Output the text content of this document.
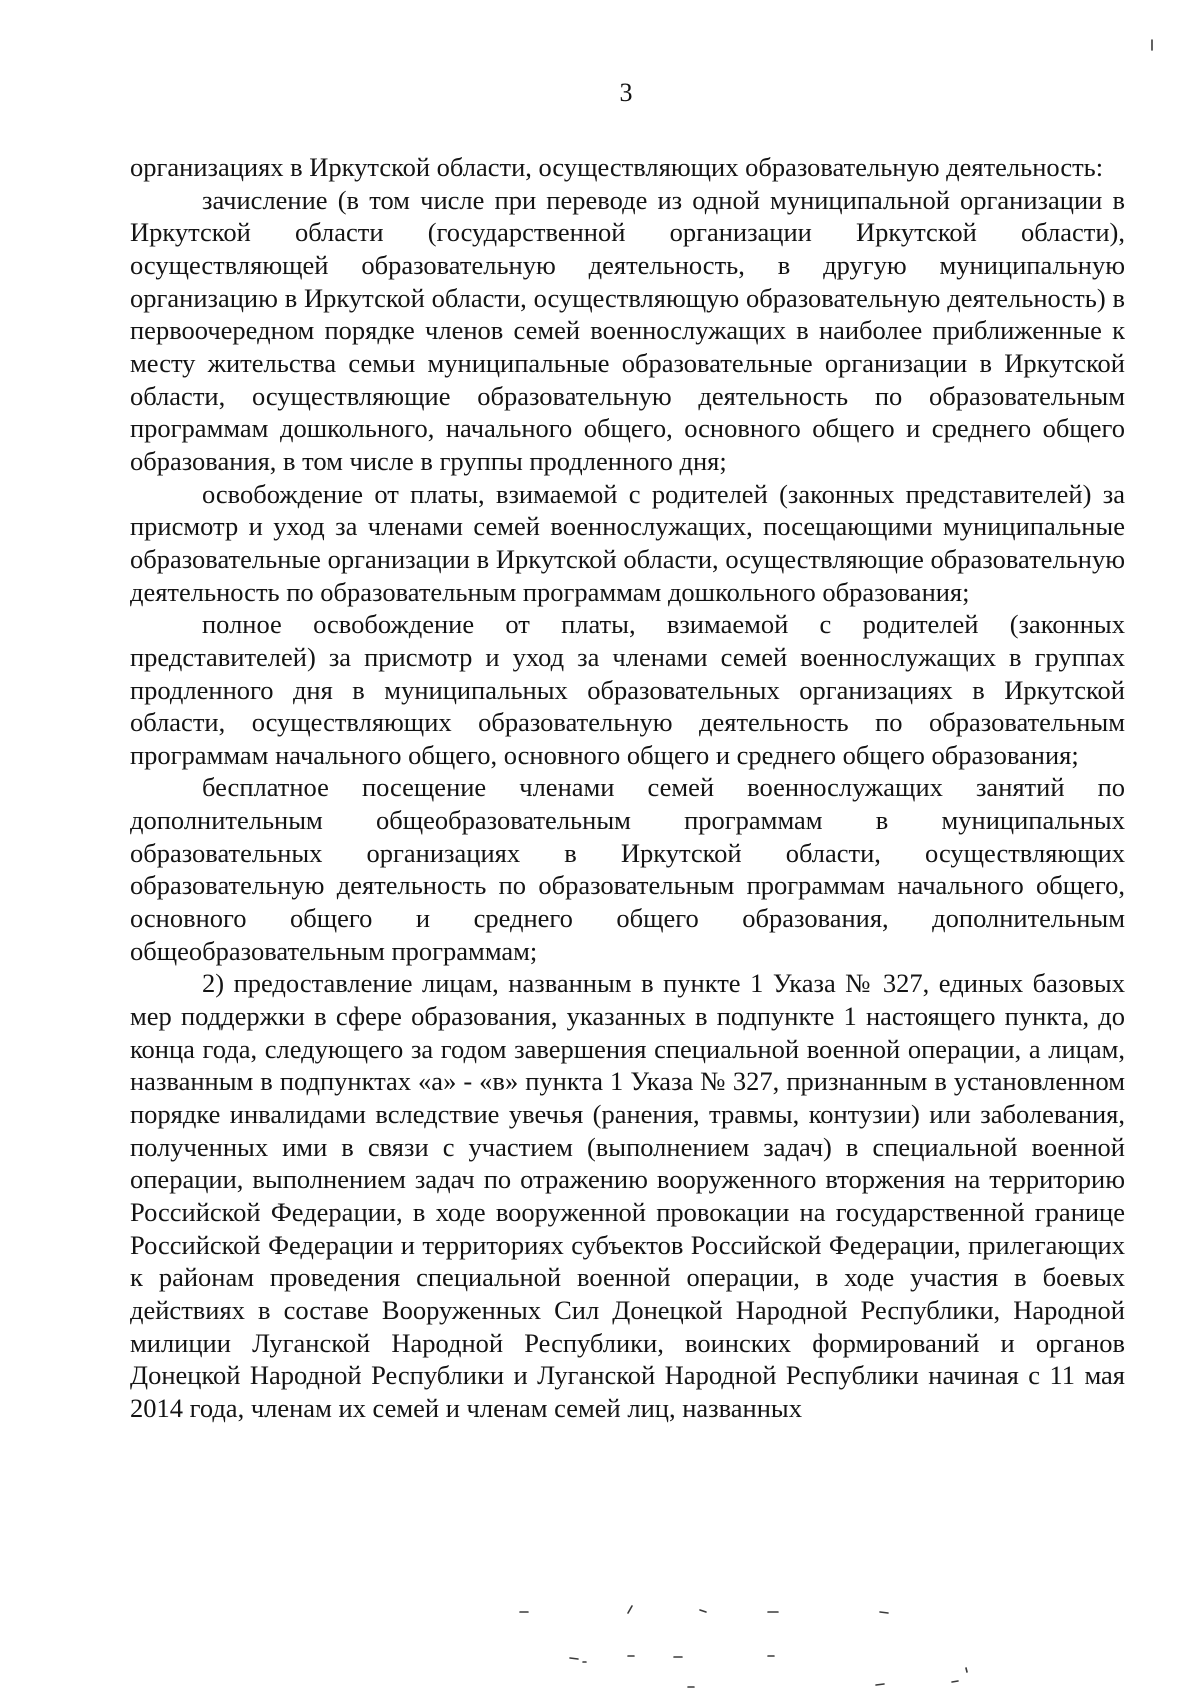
3

организациях в Иркутской области, осуществляющих образовательную деятельность:

зачисление (в том числе при переводе из одной муниципальной организации в Иркутской области (государственной организации Иркутской области), осуществляющей образовательную деятельность, в другую муниципальную организацию в Иркутской области, осуществляющую образовательную деятельность) в первоочередном порядке членов семей военнослужащих в наиболее приближенные к месту жительства семьи муниципальные образовательные организации в Иркутской области, осуществляющие образовательную деятельность по образовательным программам дошкольного, начального общего, основного общего и среднего общего образования, в том числе в группы продленного дня;

освобождение от платы, взимаемой с родителей (законных представителей) за присмотр и уход за членами семей военнослужащих, посещающими муниципальные образовательные организации в Иркутской области, осуществляющие образовательную деятельность по образовательным программам дошкольного образования;

полное освобождение от платы, взимаемой с родителей (законных представителей) за присмотр и уход за членами семей военнослужащих в группах продленного дня в муниципальных образовательных организациях в Иркутской области, осуществляющих образовательную деятельность по образовательным программам начального общего, основного общего и среднего общего образования;

бесплатное посещение членами семей военнослужащих занятий по дополнительным общеобразовательным программам в муниципальных образовательных организациях в Иркутской области, осуществляющих образовательную деятельность по образовательным программам начального общего, основного общего и среднего общего образования, дополнительным общеобразовательным программам;

2) предоставление лицам, названным в пункте 1 Указа № 327, единых базовых мер поддержки в сфере образования, указанных в подпункте 1 настоящего пункта, до конца года, следующего за годом завершения специальной военной операции, а лицам, названным в подпунктах «а» - «в» пункта 1 Указа № 327, признанным в установленном порядке инвалидами вследствие увечья (ранения, травмы, контузии) или заболевания, полученных ими в связи с участием (выполнением задач) в специальной военной операции, выполнением задач по отражению вооруженного вторжения на территорию Российской Федерации, в ходе вооруженной провокации на государственной границе Российской Федерации и территориях субъектов Российской Федерации, прилегающих к районам проведения специальной военной операции, в ходе участия в боевых действиях в составе Вооруженных Сил Донецкой Народной Республики, Народной милиции Луганской Народной Республики, воинских формирований и органов Донецкой Народной Республики и Луганской Народной Республики начиная с 11 мая 2014 года, членам их семей и членам семей лиц, названных
